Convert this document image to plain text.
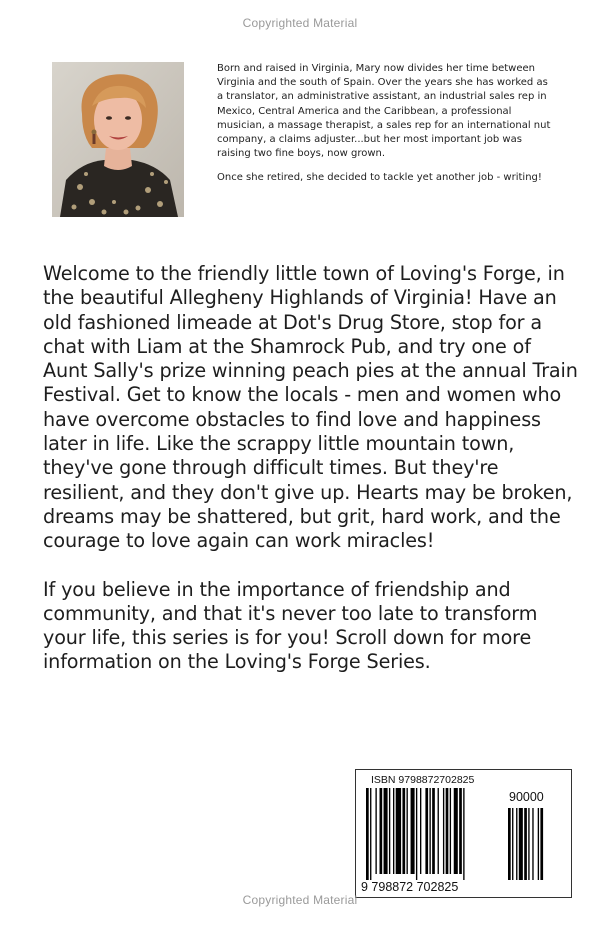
Copyrighted Material

Born and raised in Virginia, Mary now divides her time between Virginia and the south of Spain. Over the years she has worked as a translator, an administrative assistant, an industrial sales rep in Mexico, Central America and the Caribbean, a professional musician, a massage therapist, a sales rep for an international nut company, a claims adjuster...but her most important job was raising two fine boys, now grown.

Once she retired, she decided to tackle yet another job - writing!

Welcome to the friendly little town of Loving's Forge, in the beautiful Allegheny Highlands of Virginia! Have an old fashioned limeade at Dot's Drug Store, stop for a chat with Liam at the Shamrock Pub, and try one of Aunt Sally's prize winning peach pies at the annual Train Festival. Get to know the locals - men and women who have overcome obstacles to find love and happiness later in life. Like the scrappy little mountain town, they've gone through difficult times. But they're resilient, and they don't give up. Hearts may be broken, dreams may be shattered, but grit, hard work, and the courage to love again can work miracles!

If you believe in the importance of friendship and community, and that it's never too late to transform your life, this series is for you! Scroll down for more information on the Loving's Forge Series.

ISBN 9798872702825
90000
9 798872 702825
Copyrighted Material
